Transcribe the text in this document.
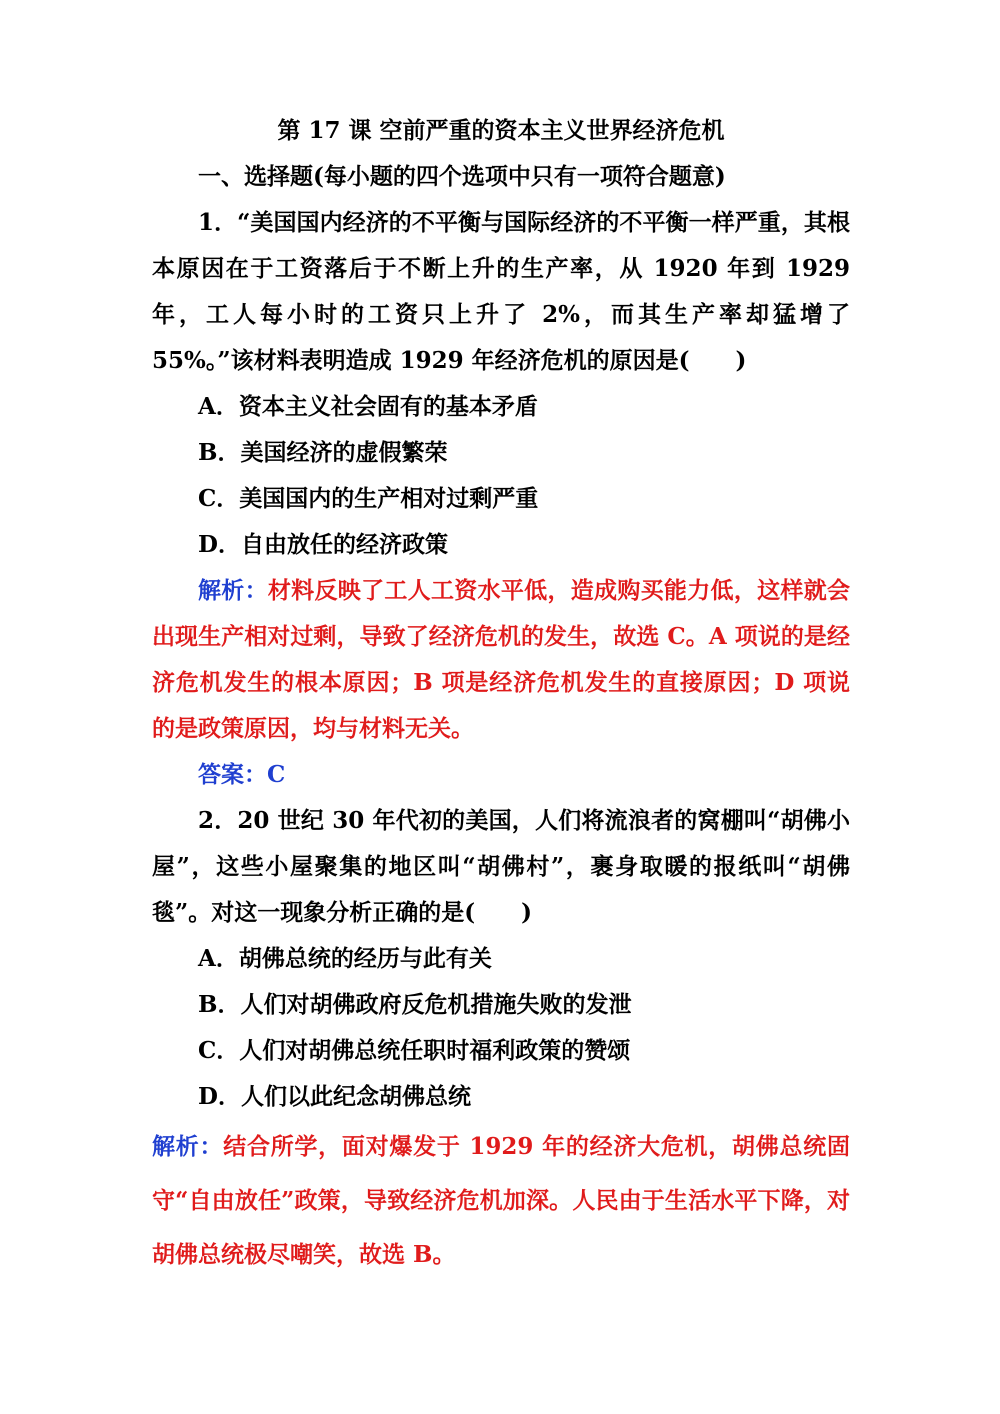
第 17 课 空前严重的资本主义世界经济危机

一、选择题(每小题的四个选项中只有一项符合题意)

1．“美国国内经济的不平衡与国际经济的不平衡一样严重，其根本原因在于工资落后于不断上升的生产率，从 1920 年到 1929 年，工人每小时的工资只上升了 2%，而其生产率却猛增了 55%。”该材料表明造成 1929 年经济危机的原因是( )

A．资本主义社会固有的基本矛盾

B．美国经济的虚假繁荣

C．美国国内的生产相对过剩严重

D．自由放任的经济政策

解析：材料反映了工人工资水平低，造成购买能力低，这样就会出现生产相对过剩，导致了经济危机的发生，故选 C。A 项说的是经济危机发生的根本原因；B 项是经济危机发生的直接原因；D 项说的是政策原因，均与材料无关。

答案：C

2．20 世纪 30 年代初的美国，人们将流浪者的窝棚叫“胡佛小屋”，这些小屋聚集的地区叫“胡佛村”，裹身取暖的报纸叫“胡佛毯”。对这一现象分析正确的是( )

A．胡佛总统的经历与此有关

B．人们对胡佛政府反危机措施失败的发泄

C．人们对胡佛总统任职时福利政策的赞颂

D．人们以此纪念胡佛总统

解析：结合所学，面对爆发于 1929 年的经济大危机，胡佛总统固守“自由放任”政策，导致经济危机加深。人民由于生活水平下降，对胡佛总统极尽嘲笑，故选 B。
